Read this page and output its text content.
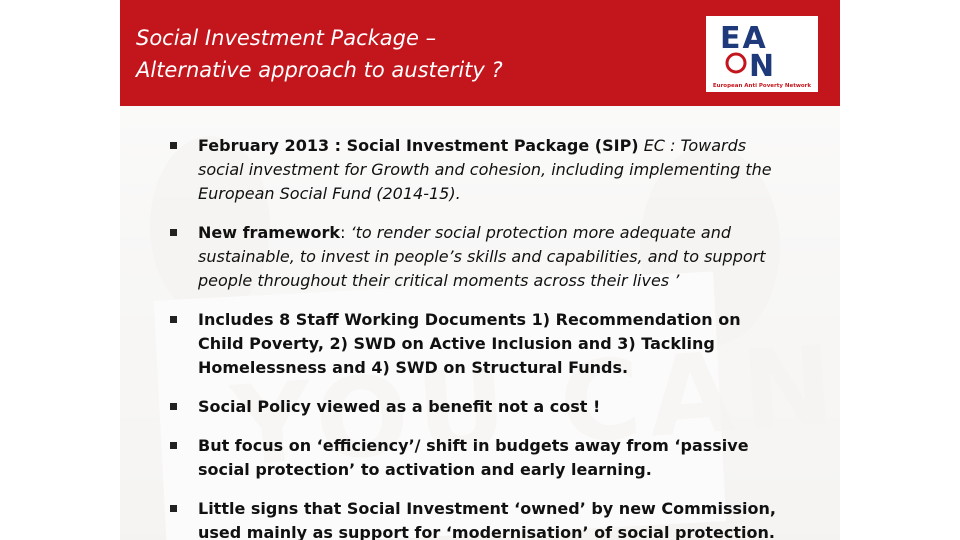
Social Investment Package –
Alternative approach to austerity ?
EA
N
European Anti Poverty Network
February 2013 : Social Investment Package (SIP) EC : Towards social investment for Growth and cohesion, including implementing the European Social Fund (2014-15).
New framework: ‘to render social protection more adequate and sustainable, to invest in people’s skills and capabilities, and to support people throughout their critical moments across their lives ’
Includes 8 Staff Working Documents 1) Recommendation on Child Poverty, 2) SWD on Active Inclusion and 3) Tackling Homelessness and 4) SWD on Structural Funds.
Social Policy viewed as a benefit not a cost !
But focus on ‘efficiency’/ shift in budgets away from ‘passive social protection’ to activation and early learning.
Little signs that Social Investment ‘owned’ by new Commission, used mainly as support for ‘modernisation’ of social protection.
